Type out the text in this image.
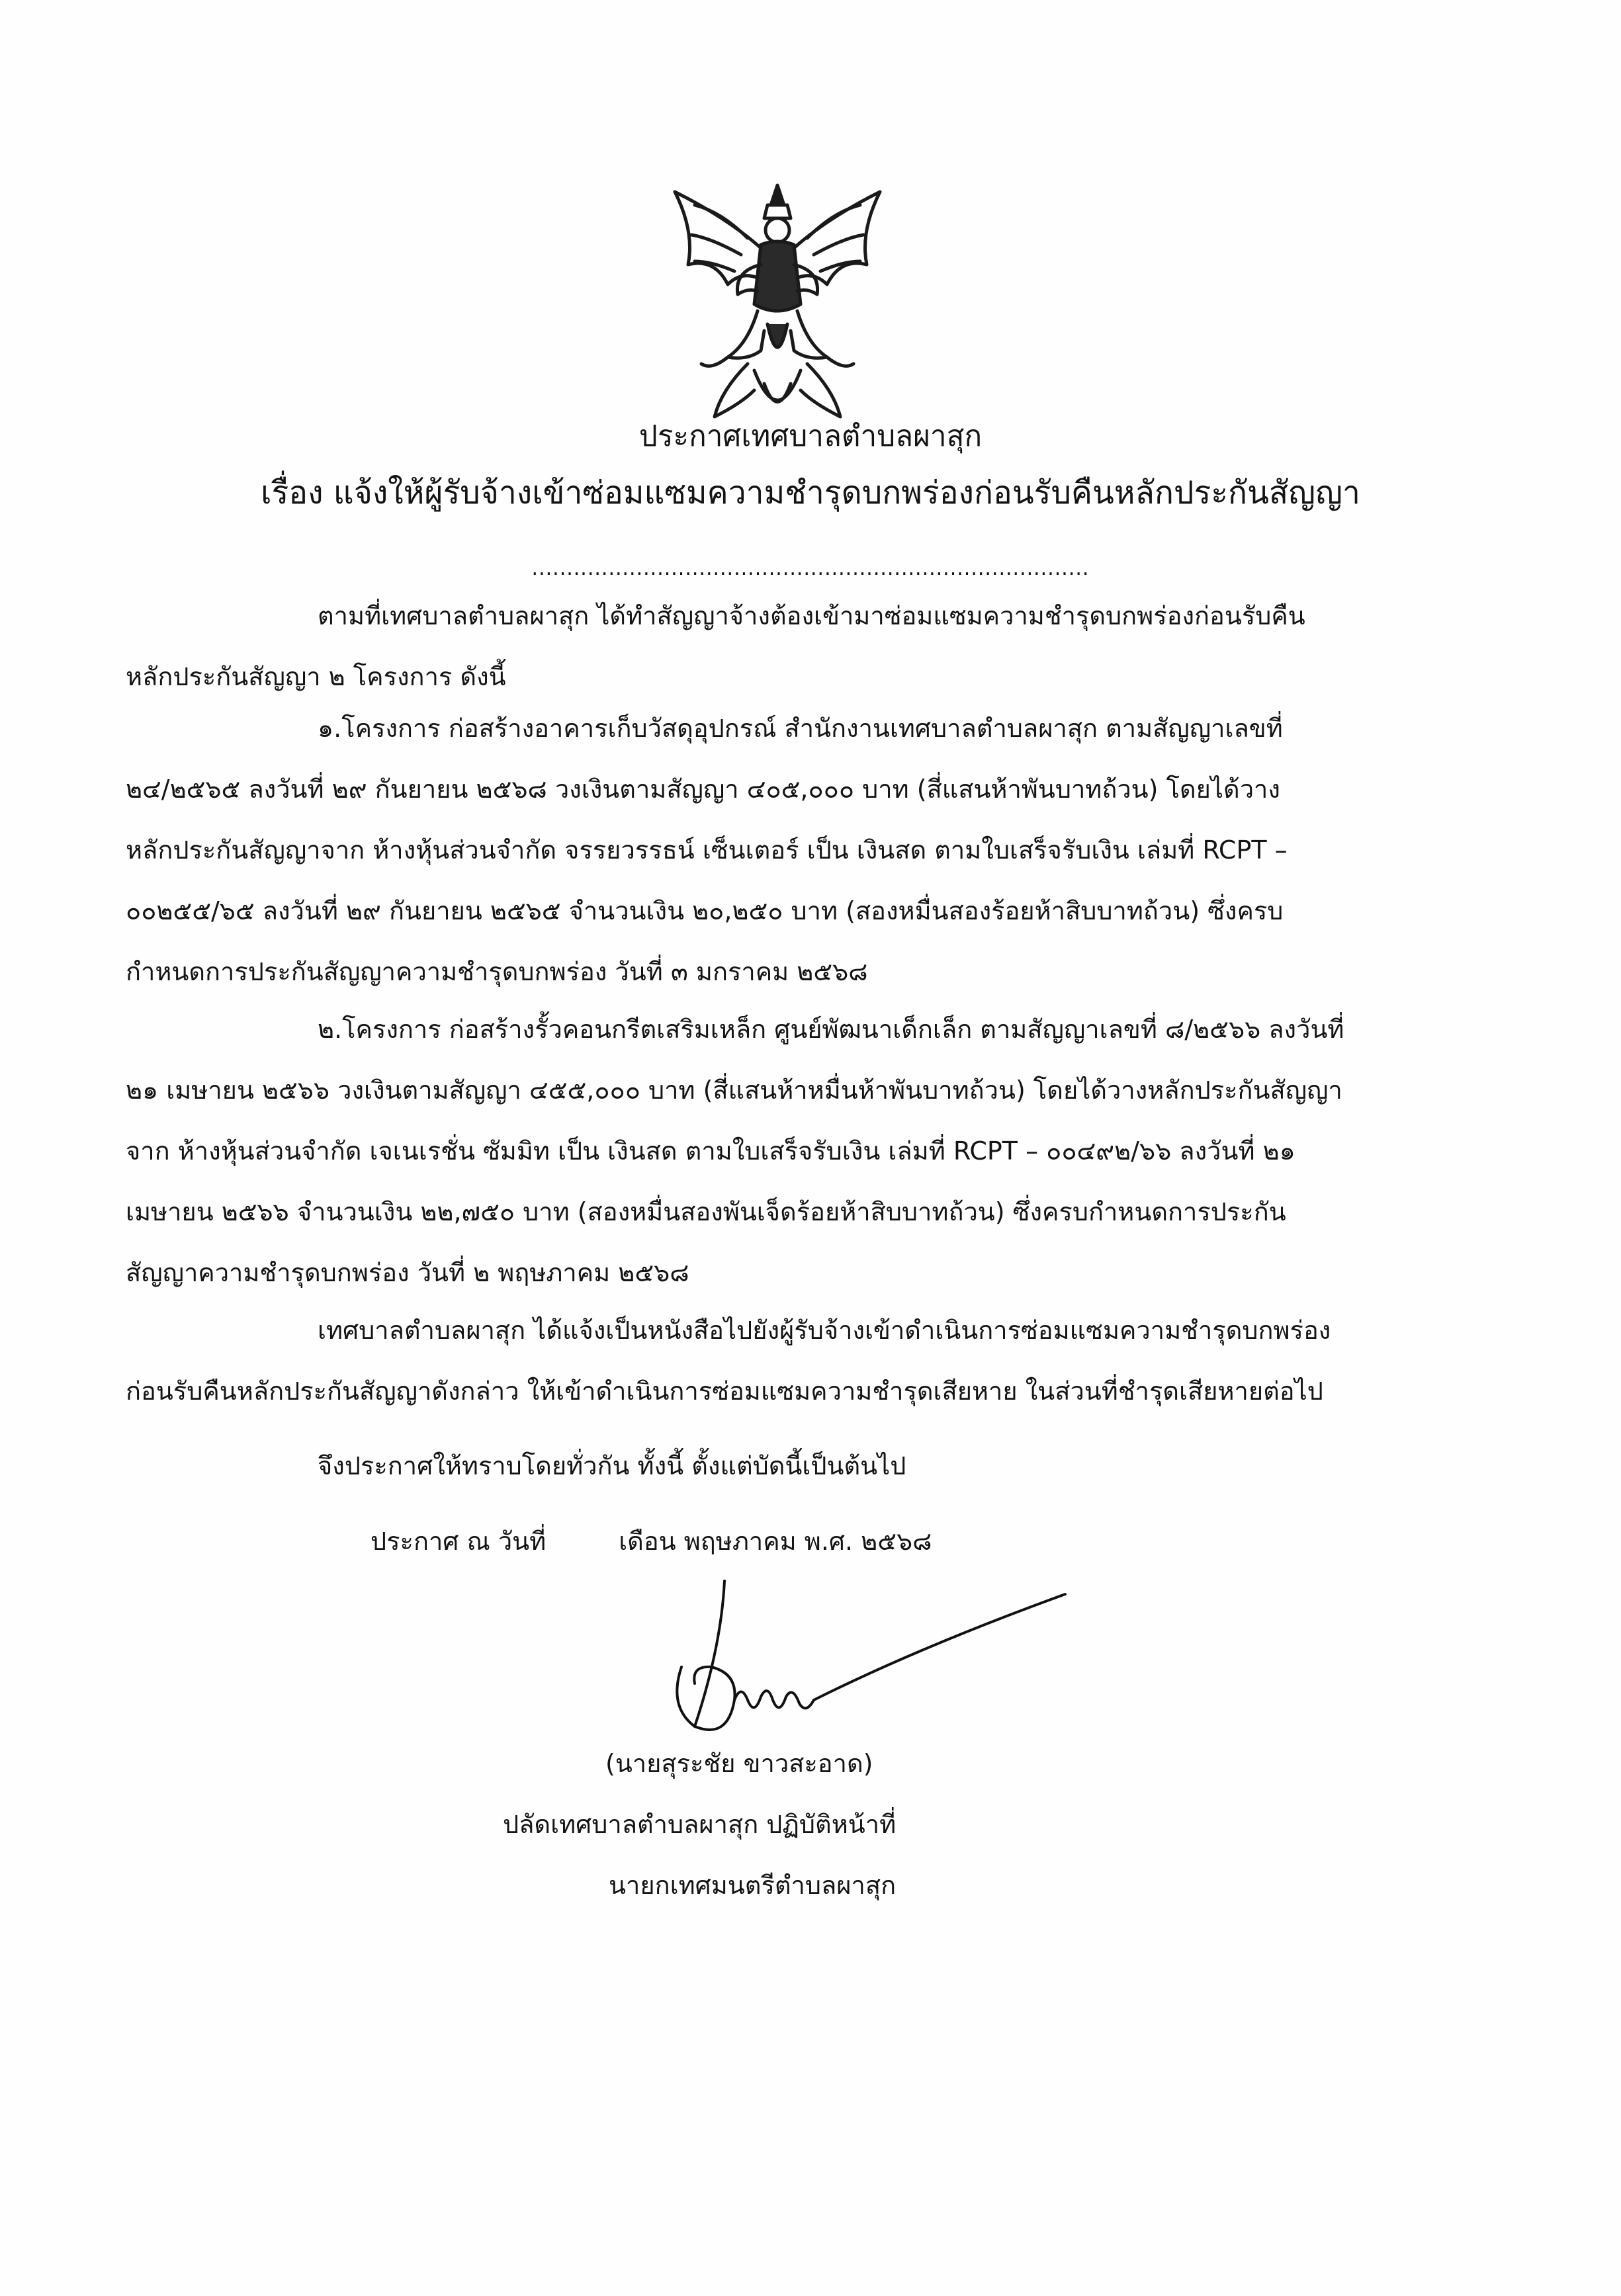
ประกาศเทศบาลตำบลผาสุก
เรื่อง แจ้งให้ผู้รับจ้างเข้าซ่อมแซมความชำรุดบกพร่องก่อนรับคืนหลักประกันสัญญา
................................................................................
ตามที่เทศบาลตำบลผาสุก ได้ทำสัญญาจ้างต้องเข้ามาซ่อมแซมความชำรุดบกพร่องก่อนรับคืน
หลักประกันสัญญา ๒ โครงการ ดังนี้
๑.โครงการ ก่อสร้างอาคารเก็บวัสดุอุปกรณ์ สำนักงานเทศบาลตำบลผาสุก ตามสัญญาเลขที่
๒๔/๒๕๖๕ ลงวันที่ ๒๙ กันยายน ๒๕๖๘ วงเงินตามสัญญา ๔๐๕,๐๐๐ บาท (สี่แสนห้าพันบาทถ้วน) โดยได้วาง
หลักประกันสัญญาจาก ห้างหุ้นส่วนจำกัด จรรยวรรธน์ เซ็นเตอร์ เป็น เงินสด ตามใบเสร็จรับเงิน เล่มที่ RCPT –
๐๐๒๕๕/๖๕ ลงวันที่ ๒๙ กันยายน ๒๕๖๕ จำนวนเงิน ๒๐,๒๕๐ บาท (สองหมื่นสองร้อยห้าสิบบาทถ้วน) ซึ่งครบ
กำหนดการประกันสัญญาความชำรุดบกพร่อง วันที่ ๓ มกราคม ๒๕๖๘
๒.โครงการ ก่อสร้างรั้วคอนกรีตเสริมเหล็ก ศูนย์พัฒนาเด็กเล็ก ตามสัญญาเลขที่ ๘/๒๕๖๖ ลงวันที่
๒๑ เมษายน ๒๕๖๖ วงเงินตามสัญญา ๔๕๕,๐๐๐ บาท (สี่แสนห้าหมื่นห้าพันบาทถ้วน) โดยได้วางหลักประกันสัญญา
จาก ห้างหุ้นส่วนจำกัด เจเนเรชั่น ซัมมิท เป็น เงินสด ตามใบเสร็จรับเงิน เล่มที่ RCPT – ๐๐๔๙๒/๖๖ ลงวันที่ ๒๑
เมษายน ๒๕๖๖ จำนวนเงิน ๒๒,๗๕๐ บาท (สองหมื่นสองพันเจ็ดร้อยห้าสิบบาทถ้วน) ซึ่งครบกำหนดการประกัน
สัญญาความชำรุดบกพร่อง วันที่ ๒ พฤษภาคม ๒๕๖๘
เทศบาลตำบลผาสุก ได้แจ้งเป็นหนังสือไปยังผู้รับจ้างเข้าดำเนินการซ่อมแซมความชำรุดบกพร่อง
ก่อนรับคืนหลักประกันสัญญาดังกล่าว ให้เข้าดำเนินการซ่อมแซมความชำรุดเสียหาย ในส่วนที่ชำรุดเสียหายต่อไป
จึงประกาศให้ทราบโดยทั่วกัน ทั้งนี้ ตั้งแต่บัดนี้เป็นต้นไป
ประกาศ ณ วันที่	เดือน พฤษภาคม พ.ศ. ๒๕๖๘
(นายสุระชัย ขาวสะอาด)
ปลัดเทศบาลตำบลผาสุก ปฏิบัติหน้าที่
นายกเทศมนตรีตำบลผาสุก
